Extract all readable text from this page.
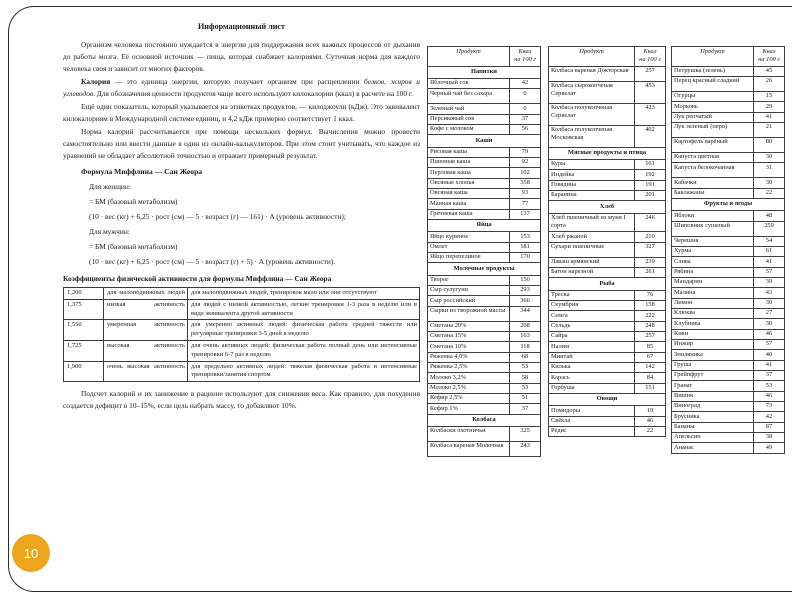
10
Информационный лист

Организм человека постоянно нуждается в энергии для поддержания всех важных процессов от дыхания до работы мозга. Её основной источник — пища, которая снабжает калориями. Суточная норма для каждого человека своя и зависит от многих факторов.

Калория — это единица энергии, которую получает организм при расщеплении белков, жиров и углеводов. Для обозначения ценности продуктов чаще всего используют килокалории (ккал) в расчете на 100 г.

Ещё один показатель, который указывается на этикетках продуктов, — килоджоули (кДж). Это эквивалент килокалориям в Международной системе единиц, и 4,2 кДж примерно соответствует 1 ккал.

Норма калорий рассчитывается при помощи нескольких формул. Вычисления можно провести самостоятельно или ввести данные в один из онлайн-калькуляторов. При этом стоит учитывать, что каждое из уравнений не обладает абсолютной точностью и отражает примерный результат.

Формула Миффлина — Сан Жеора

Для женщин:

= БМ (базовый метаболизм)

(10 · вес (кг) + 6,25 · рост (см) — 5 · возраст (г) — 161) · A (уровень активности);

Для мужчин:

= БМ (базовый метаболизм)

(10 · вес (кг) + 6,25 · рост (см) — 5 · возраст (г) + 5) · A (уровень активности).

Коэффициенты физической активности для формулы Миффлина — Сан Жеора

1,200	для малоподвижных людей	для малоподвижных людей, тренировок мало или они отсутствуют
1,375	низкая активность	для людей с низкой активностью, легкие тренировки 1-3 раза в неделю или в виде эквивалента другой активности
1,550	умеренная активность	для умеренно активных людей: физическая работа средней тяжести или регулярные тренировки 3-5 дней в неделю
1,725	высокая активность	для очень активных людей: физическая работа полный день или интенсивные тренировки 6-7 раз в неделю
1,900	очень высокая активность	для предельно активных людей: тяжелая физическая работа и интенсивные тренировки/занятия спортом

Подсчет калорий и их занижение в рационе используют для снижения веса. Как правило, для похудения создается дефицит в 10–15%, если цель набрать массу, то добавляют 10%.

Продукт	Ккал
на 100 г
Напитки	
Яблочный сок	42
Черный чай без сахара	0
Зеленый чай	0
Персиковый сок	37
Кофе с молоком	56
Каши	
Рисовая каша	79
Пшенная каша	92
Перловая каша	102
Овсяные хлопья	358
Овсяная каша	93
Манная каша	77
Гречневая каша	137
Яйца	
Яйцо куриное	153
Омлет	181
Яйцо перепелиное	170
Молочные продукты	
Творог	156
Сыр сулугуни	293
Сыр российский	366
Сырки из творожной массы	344
Сметана 20%	208
Сметана 15%	163
Сметана 10%	118
Ряженка 4,0%	68
Ряженка 2,5%	53
Молоко 3,2%	58
Молоко 2,5%	53
Кефир 2,5%	51
Кефир 1%	37
Колбаса	
Колбаски охотничьи	325
Колбаса вареная Молочная	243
Продукт	Ккал
на 100 г
Колбаса вареная Докторская	257
Колбаса сырокопченая Сервелат	453
Колбаса полукопченая Сервелат	423
Колбаса полукопченая Московская	402
Мясные продукты и птица	
Куры	161
Индейка	192
Говядина	191
Баранина	201
Хлеб	
Хлеб пшеничный из муки I сорта	246
Хлеб ржаной	210
Сухари пшеничные	327
Лаваш армянский	239
Батон нарезной	261
Рыба	
Треска	76
Скумбрия	158
Семга	222
Сельдь	248
Сайра	257
Налим	85
Минтай	67
Килька	142
Карась	84
Горбуша	151
Овощи	
Помидоры	19
Свёкла	46
Редис	22
Продукт	Ккал
на 100 г
Петрушка (зелень)	45
Перец красный сладкий	26
Огурцы	15
Морковь	29
Лук репчатый	41
Лук зеленый (перо)	21
Картофель варёный	80
Капуста цветная	30
Капуста белокочанная	31
Кабачки	30
Баклажаны	22
Фрукты и ягоды	
Яблоки	48
Шиповник сушеный	259
Черешня	54
Хурма	61
Слива	41
Рябина	57
Мандарин	39
Малина	43
Лимон	30
Клюква	27
Клубника	30
Киви	46
Инжир	57
Земляника	40
Груша	41
Грейпфрут	37
Гранат	53
Вишня	46
Виноград	73
Брусника	42
Бананы	87
Апельсин	38
Ананас	49
